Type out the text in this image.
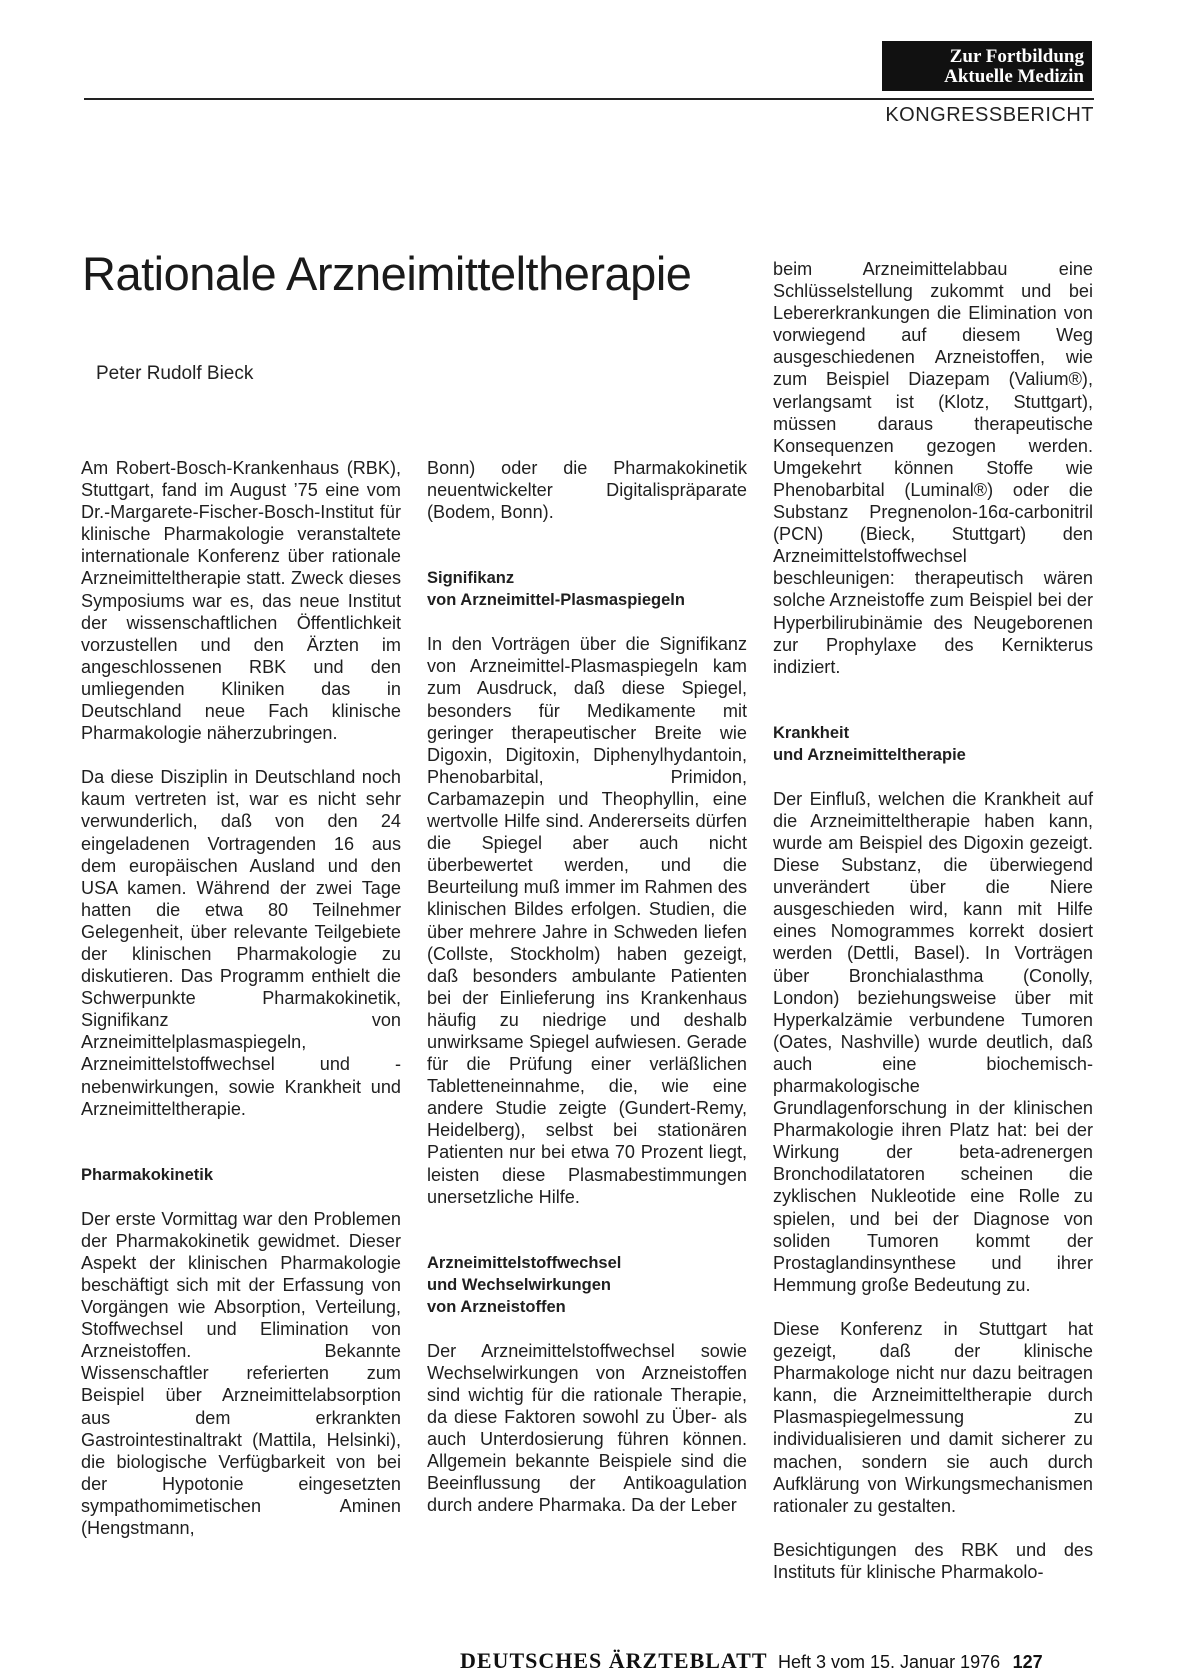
Zur Fortbildung
Aktuelle Medizin
KONGRESSBERICHT
Rationale Arzneimitteltherapie
Peter Rudolf Bieck

Am Robert-Bosch-Krankenhaus (RBK), Stuttgart, fand im August ’75 eine vom Dr.-Margarete-Fischer-Bosch-Institut für klinische Pharmakologie veranstaltete internationale Konferenz über rationale Arzneimitteltherapie statt. Zweck dieses Symposiums war es, das neue Institut der wissenschaftlichen Öffentlichkeit vorzustellen und den Ärzten im angeschlossenen RBK und den umliegenden Kliniken das in Deutschland neue Fach klinische Pharmakologie näherzubringen.

Da diese Disziplin in Deutschland noch kaum vertreten ist, war es nicht sehr verwunderlich, daß von den 24 eingeladenen Vortragenden 16 aus dem europäischen Ausland und den USA kamen. Während der zwei Tage hatten die etwa 80 Teilnehmer Gelegenheit, über relevante Teilgebiete der klinischen Pharmakologie zu diskutieren. Das Programm enthielt die Schwerpunkte Pharmakokinetik, Signifikanz von Arzneimittelplasmaspiegeln, Arzneimittelstoffwechsel und -nebenwirkungen, sowie Krankheit und Arzneimitteltherapie.

Pharmakokinetik

Der erste Vormittag war den Problemen der Pharmakokinetik gewidmet. Dieser Aspekt der klinischen Pharmakologie beschäftigt sich mit der Erfassung von Vorgängen wie Absorption, Verteilung, Stoffwechsel und Elimination von Arzneistoffen. Bekannte Wissenschaftler referierten zum Beispiel über Arzneimittelabsorption aus dem erkrankten Gastrointestinaltrakt (Mattila, Helsinki), die biologische Verfügbarkeit von bei der Hypotonie eingesetzten sympathomimetischen Aminen (Hengstmann,

Bonn) oder die Pharmakokinetik neuentwickelter Digitalispräparate (Bodem, Bonn).

Signifikanz
von Arzneimittel-Plasmaspiegeln

In den Vorträgen über die Signifikanz von Arzneimittel-Plasmaspiegeln kam zum Ausdruck, daß diese Spiegel, besonders für Medikamente mit geringer therapeutischer Breite wie Digoxin, Digitoxin, Diphenylhydantoin, Phenobarbital, Primidon, Carbamazepin und Theophyllin, eine wertvolle Hilfe sind. Andererseits dürfen die Spiegel aber auch nicht überbewertet werden, und die Beurteilung muß immer im Rahmen des klinischen Bildes erfolgen. Studien, die über mehrere Jahre in Schweden liefen (Collste, Stockholm) haben gezeigt, daß besonders ambulante Patienten bei der Einlieferung ins Krankenhaus häufig zu niedrige und deshalb unwirksame Spiegel aufwiesen. Gerade für die Prüfung einer verläßlichen Tabletteneinnahme, die, wie eine andere Studie zeigte (Gundert-Remy, Heidelberg), selbst bei stationären Patienten nur bei etwa 70 Prozent liegt, leisten diese Plasmabestimmungen unersetzliche Hilfe.

Arzneimittelstoffwechsel
und Wechselwirkungen
von Arzneistoffen

Der Arzneimittelstoffwechsel sowie Wechselwirkungen von Arzneistoffen sind wichtig für die rationale Therapie, da diese Faktoren sowohl zu Über- als auch Unterdosierung führen können. Allgemein bekannte Beispiele sind die Beeinflussung der Antikoagulation durch andere Pharmaka. Da der Leber

beim Arzneimittelabbau eine Schlüsselstellung zukommt und bei Lebererkrankungen die Elimination von vorwiegend auf diesem Weg ausgeschiedenen Arzneistoffen, wie zum Beispiel Diazepam (Valium®), verlangsamt ist (Klotz, Stuttgart), müssen daraus therapeutische Konsequenzen gezogen werden. Umgekehrt können Stoffe wie Phenobarbital (Luminal®) oder die Substanz Pregnenolon-16α-carbonitril (PCN) (Bieck, Stuttgart) den Arzneimittelstoffwechsel beschleunigen: therapeutisch wären solche Arzneistoffe zum Beispiel bei der Hyperbilirubinämie des Neugeborenen zur Prophylaxe des Kernikterus indiziert.

Krankheit
und Arzneimitteltherapie

Der Einfluß, welchen die Krankheit auf die Arzneimitteltherapie haben kann, wurde am Beispiel des Digoxin gezeigt. Diese Substanz, die überwiegend unverändert über die Niere ausgeschieden wird, kann mit Hilfe eines Nomogrammes korrekt dosiert werden (Dettli, Basel). In Vorträgen über Bronchialasthma (Conolly, London) beziehungsweise über mit Hyperkalzämie verbundene Tumoren (Oates, Nashville) wurde deutlich, daß auch eine biochemisch-pharmakologische Grundlagenforschung in der klinischen Pharmakologie ihren Platz hat: bei der Wirkung der beta-adrenergen Bronchodilatatoren scheinen die zyklischen Nukleotide eine Rolle zu spielen, und bei der Diagnose von soliden Tumoren kommt der Prostaglandinsynthese und ihrer Hemmung große Bedeutung zu.

Diese Konferenz in Stuttgart hat gezeigt, daß der klinische Pharmakologe nicht nur dazu beitragen kann, die Arzneimitteltherapie durch Plasmaspiegelmessung zu individualisieren und damit sicherer zu machen, sondern sie auch durch Aufklärung von Wirkungsmechanismen rationaler zu gestalten.

Besichtigungen des RBK und des Instituts für klinische Pharmakolo-

DEUTSCHES ÄRZTEBLATT Heft 3 vom 15. Januar 1976 127
